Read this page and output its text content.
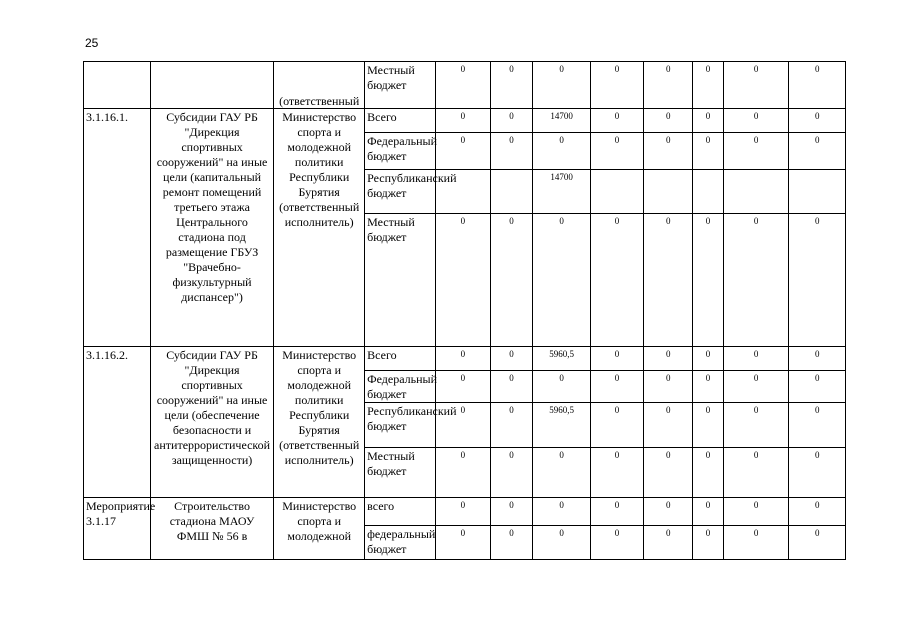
25
		(ответственный	Местный бюджет	0	0	0	0	0	0	0	0
3.1.16.1.	Субсидии ГАУ РБ "Дирекция спортивных сооружений" на иные цели (капитальный ремонт помещений третьего этажа Центрального стадиона под размещение ГБУЗ "Врачебно-физкультурный диспансер")	Министерство спорта и молодежной политики Республики Бурятия (ответственный исполнитель)	Всего	0	0	14700	0	0	0	0	0
			Федеральный бюджет	0	0	0	0	0	0	0	0
			Республиканский бюджет			14700					
			Местный бюджет	0	0	0	0	0	0	0	0
3.1.16.2.	Субсидии ГАУ РБ "Дирекция спортивных сооружений" на иные цели (обеспечение безопасности и антитеррористической защищенности)	Министерство спорта и молодежной политики Республики Бурятия (ответственный исполнитель)	Всего	0	0	5960,5	0	0	0	0	0
			Федеральный бюджет	0	0	0	0	0	0	0	0
			Республиканский бюджет	0	0	5960,5	0	0	0	0	0
			Местный бюджет	0	0	0	0	0	0	0	0
Мероприятие 3.1.17	Строительство стадиона МАОУ ФМШ № 56 в	Министерство спорта и молодежной	всего	0	0	0	0	0	0	0	0
			федеральный бюджет	0	0	0	0	0	0	0	0
